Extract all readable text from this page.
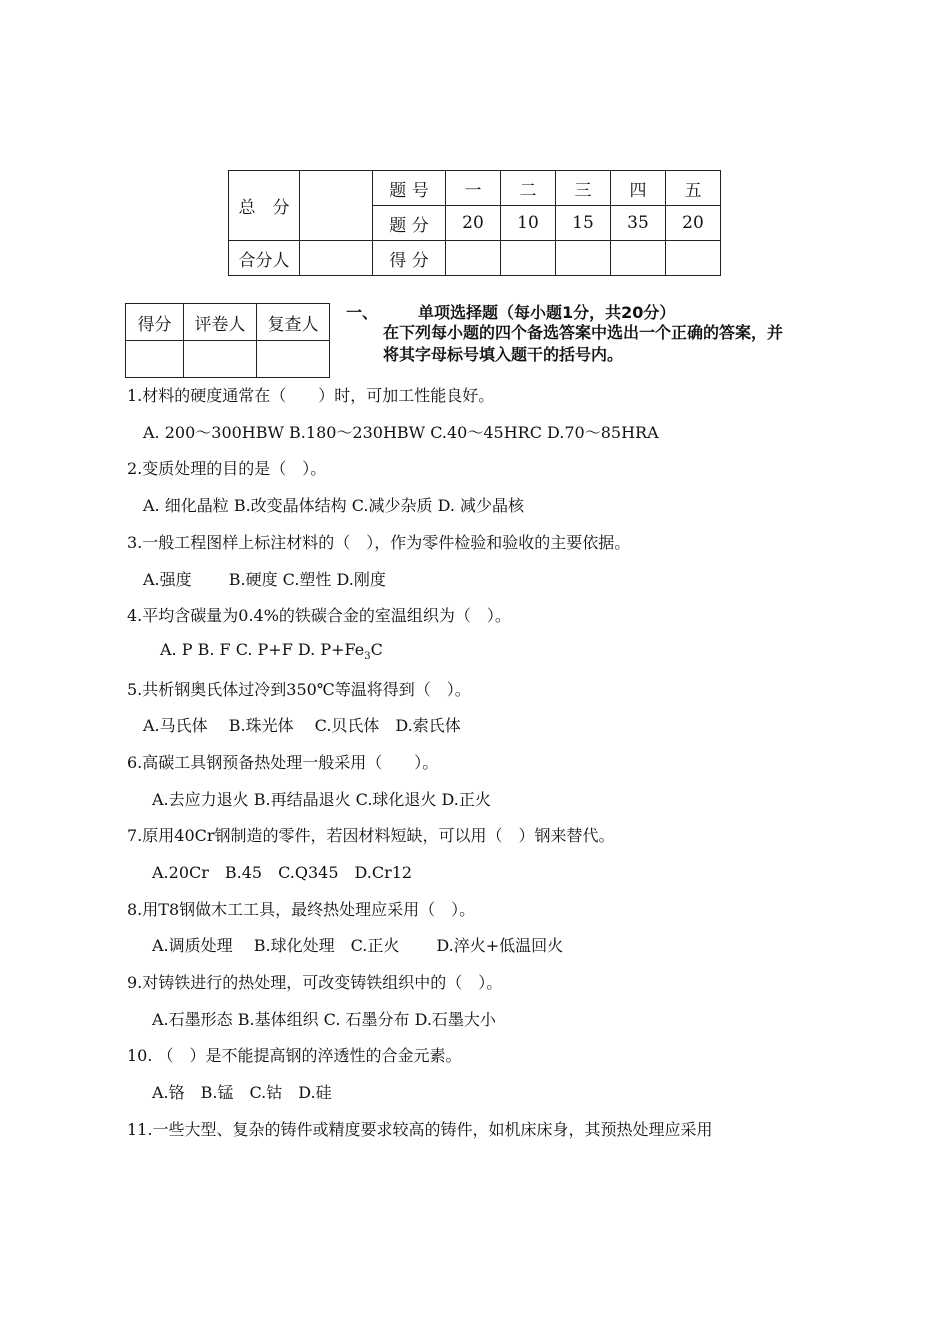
总　分		题 号	一	二	三	四	五
		题 分	20	10	15	35	20
合分人		得 分					
得分	评卷人	复查人

一、 单项选择题（每小题1分，共20分）
在下列每小题的四个备选答案中选出一个正确的答案，并将其字母标号填入题干的括号内。
1.材料的硬度通常在（　　）时，可加工性能良好。
A. 200～300HBW B.180～230HBW C.40～45HRC D.70～85HRA
2.变质处理的目的是（　）。
A. 细化晶粒 B.改变晶体结构 C.减少杂质 D. 减少晶核
3.一般工程图样上标注材料的（　），作为零件检验和验收的主要依据。
A.强度　　 B.硬度 C.塑性 D.刚度
4.平均含碳量为0.4%的铁碳合金的室温组织为（　）。
A. P B. F C. P+F D. $P+Fe_3C$
5.共析钢奥氏体过冷到350℃等温将得到（　）。
A.马氏体　 B.珠光体　 C.贝氏体　D.索氏体
6.高碳工具钢预备热处理一般采用（　　）。
A.去应力退火 B.再结晶退火 C.球化退火 D.正火
7.原用40Cr钢制造的零件，若因材料短缺，可以用（　）钢来替代。
A.20Cr　B.45　C.Q345　D.Cr12
8.用T8钢做木工工具，最终热处理应采用（　）。
A.调质处理　 B.球化处理　C.正火　　 D.淬火+低温回火
9.对铸铁进行的热处理，可改变铸铁组织中的（　）。
A.石墨形态 B.基体组织 C. 石墨分布 D.石墨大小
10. （　）是不能提高钢的淬透性的合金元素。
A.铬　B.锰　C.钴　D.硅
11.一些大型、复杂的铸件或精度要求较高的铸件，如机床床身，其预热处理应采用
